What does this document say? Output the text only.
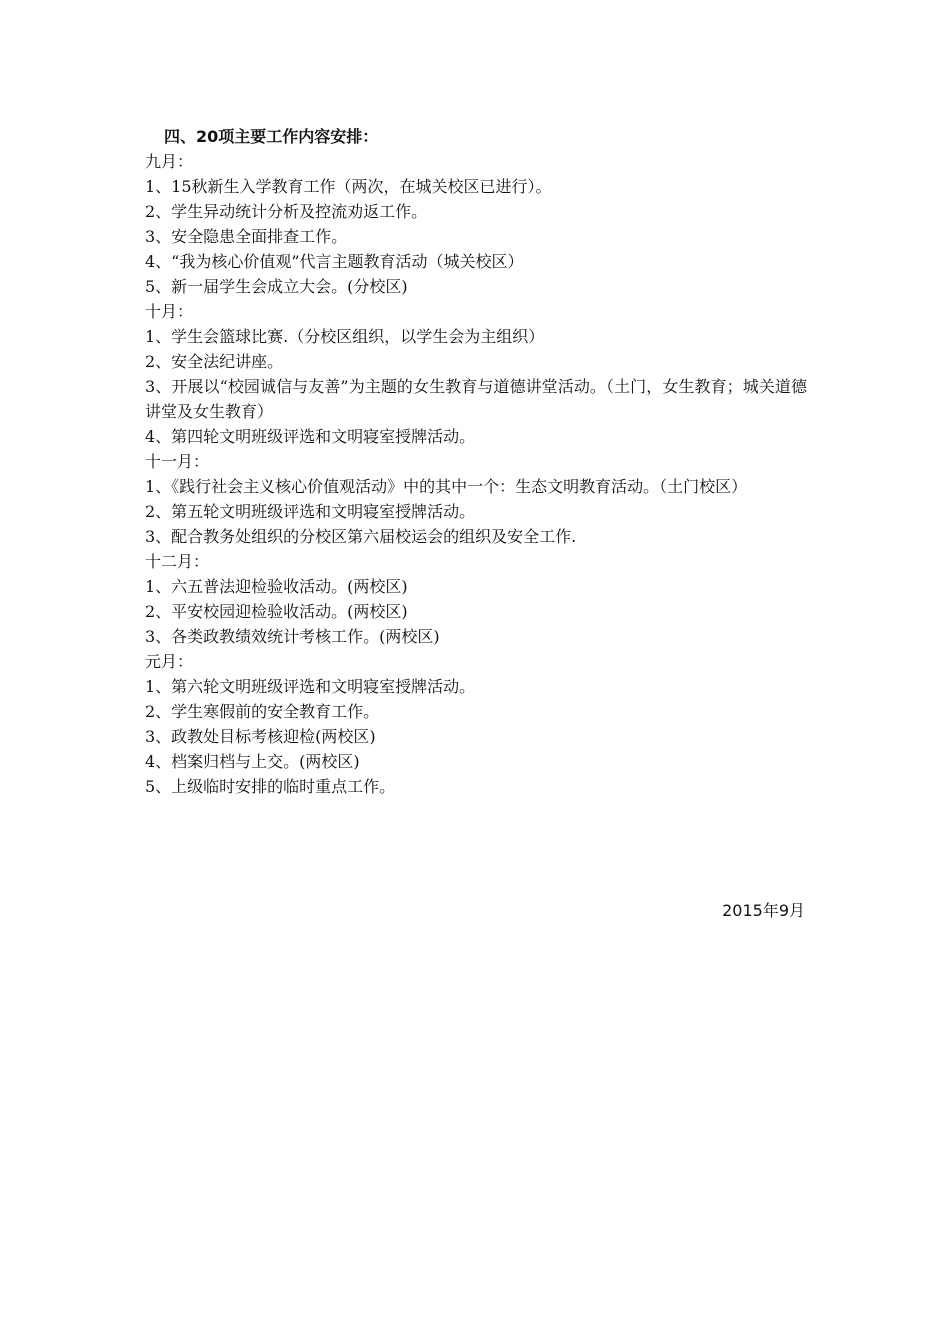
四、20项主要工作内容安排：
九月：
1、15秋新生入学教育工作（两次，在城关校区已进行）。
2、学生异动统计分析及控流劝返工作。
3、安全隐患全面排查工作。
4、“我为核心价值观”代言主题教育活动（城关校区）
5、新一届学生会成立大会。(分校区)
十月：
1、学生会篮球比赛.（分校区组织，以学生会为主组织）
2、安全法纪讲座。
3、开展以“校园诚信与友善”为主题的女生教育与道德讲堂活动。（土门，女生教育；城关道德讲堂及女生教育）
4、第四轮文明班级评选和文明寝室授牌活动。
十一月：
1、《践行社会主义核心价值观活动》中的其中一个：生态文明教育活动。（土门校区）
2、第五轮文明班级评选和文明寝室授牌活动。
3、配合教务处组织的分校区第六届校运会的组织及安全工作.
十二月：
1、六五普法迎检验收活动。(两校区)
2、平安校园迎检验收活动。(两校区)
3、各类政教绩效统计考核工作。(两校区)
元月：
1、第六轮文明班级评选和文明寝室授牌活动。
2、学生寒假前的安全教育工作。
3、政教处目标考核迎检(两校区)
4、档案归档与上交。(两校区)
5、上级临时安排的临时重点工作。
2015年9月
